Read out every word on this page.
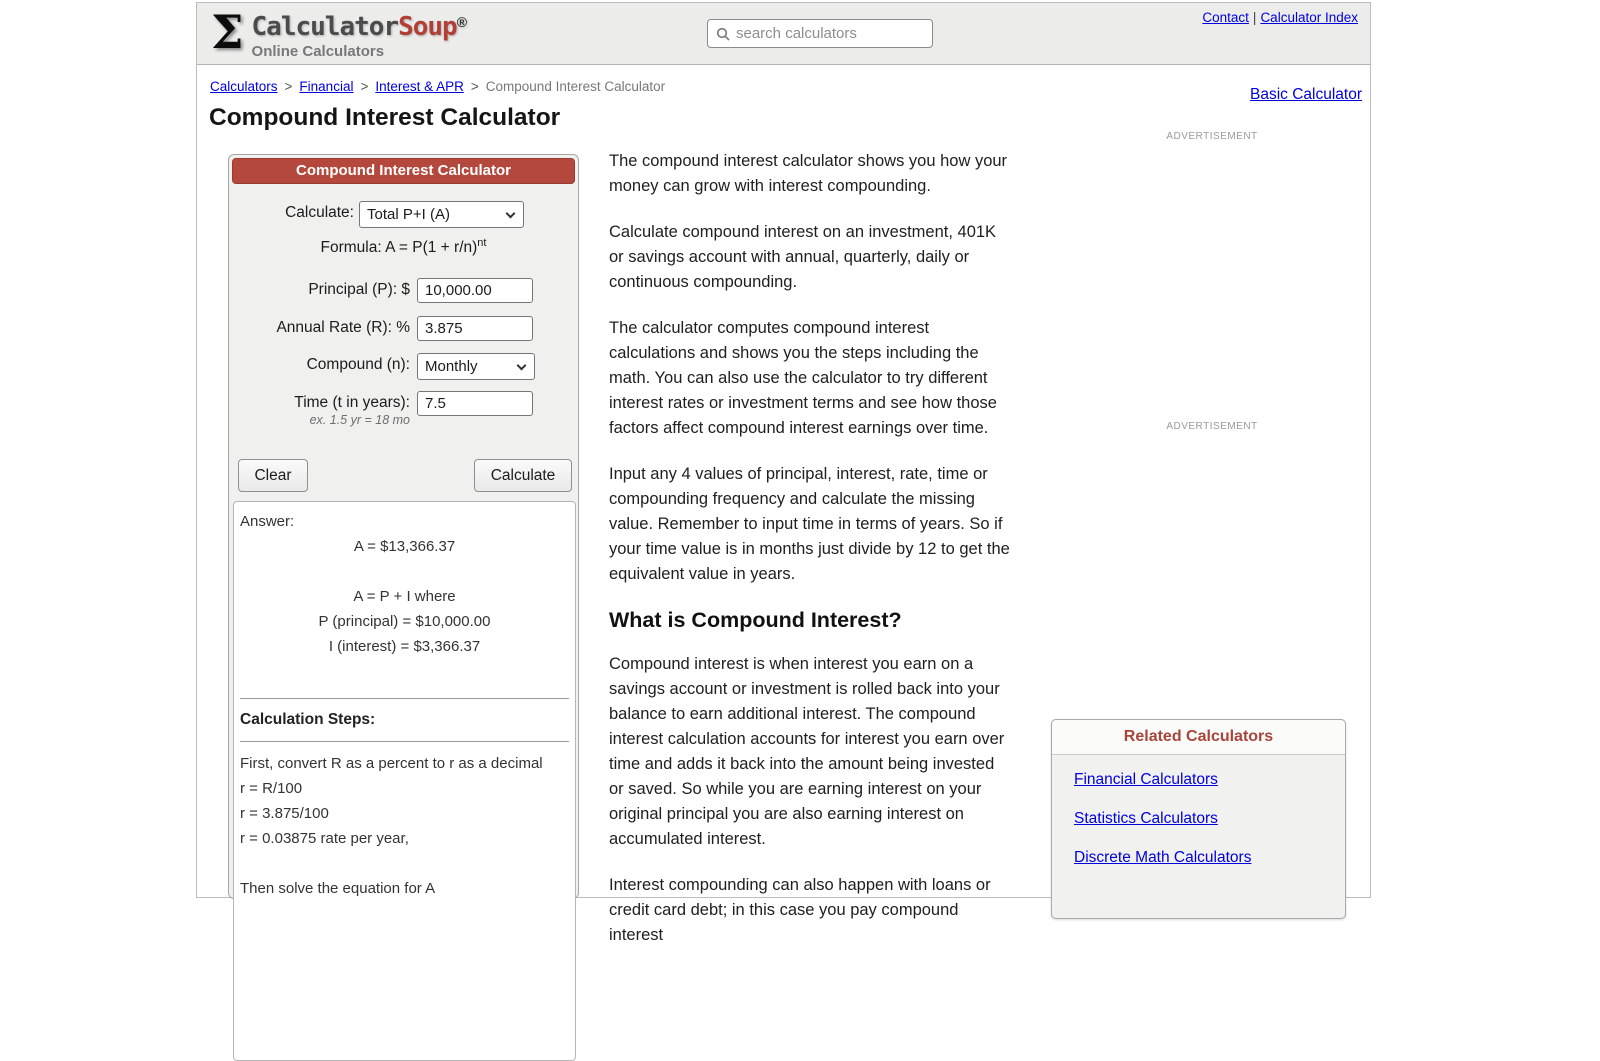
Σ CalculatorSoup®
Online Calculators
search calculators
Contact | Calculator Index
Calculators > Financial > Interest & APR > Compound Interest Calculator	Basic Calculator
Compound Interest Calculator
Compound Interest Calculator
Calculate:
Total P+I (A)
Formula: $A = P(1 + r/n)^{nt}$
Principal (P): $
10,000.00
Annual Rate (R): %
3.875
Compound (n):
Monthly
Time (t in years):
7.5
ex. 1.5 yr = 18 mo
Clear	Calculate
Answer:
A = $13,366.37
A = P + I where
P (principal) = $10,000.00
I (interest) = $3,366.37
Calculation Steps:
First, convert R as a percent to r as a decimal
r = R/100
r = 3.875/100
r = 0.03875 rate per year,
Then solve the equation for A

The compound interest calculator shows you how your money can grow with interest compounding.

Calculate compound interest on an investment, 401K or savings account with annual, quarterly, daily or continuous compounding.

The calculator computes compound interest calculations and shows you the steps including the math. You can also use the calculator to try different interest rates or investment terms and see how those factors affect compound interest earnings over time.

Input any 4 values of principal, interest, rate, time or compounding frequency and calculate the missing value. Remember to input time in terms of years. So if your time value is in months just divide by 12 to get the equivalent value in years.

What is Compound Interest?

Compound interest is when interest you earn on a savings account or investment is rolled back into your balance to earn additional interest. The compound interest calculation accounts for interest you earn over time and adds it back into the amount being invested or saved. So while you are earning interest on your original principal you are also earning interest on accumulated interest.

Interest compounding can also happen with loans or credit card debt; in this case you pay compound interest

ADVERTISEMENT
ADVERTISEMENT
Related Calculators
Financial Calculators
Statistics Calculators
Discrete Math Calculators
